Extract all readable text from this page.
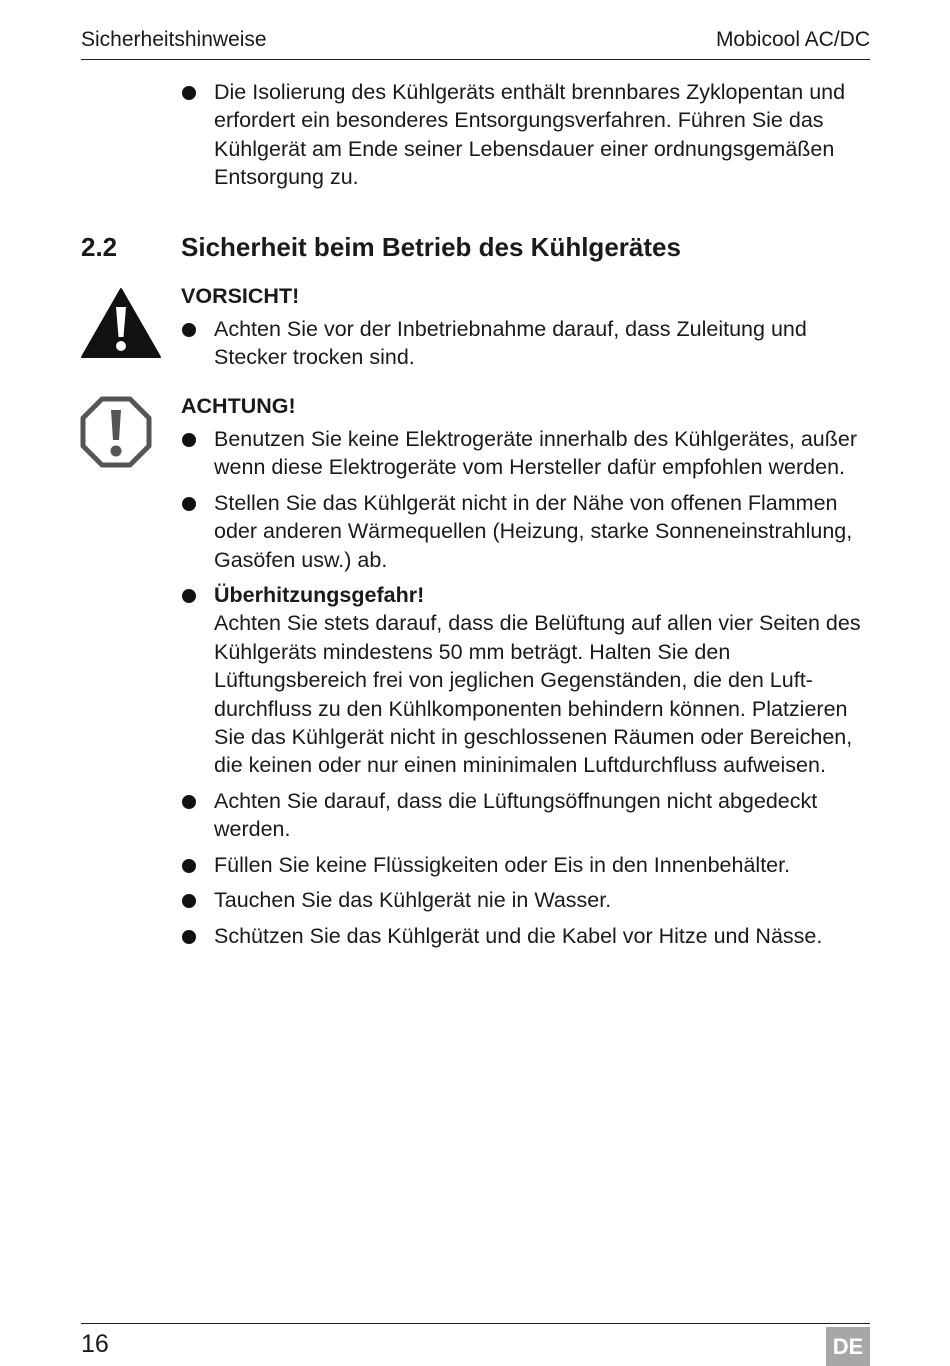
Sicherheitshinweise	Mobicool AC/DC
Die Isolierung des Kühlgeräts enthält brennbares Zyklopentan und erfordert ein besonderes Entsorgungsverfahren. Führen Sie das Kühlgerät am Ende seiner Lebensdauer einer ordnungsgemäßen Entsorgung zu.
2.2 Sicherheit beim Betrieb des Kühlgerätes
VORSICHT!
Achten Sie vor der Inbetriebnahme darauf, dass Zuleitung und Stecker trocken sind.
ACHTUNG!
Benutzen Sie keine Elektrogeräte innerhalb des Kühlgerätes, außer wenn diese Elektrogeräte vom Hersteller dafür empfohlen werden.
Stellen Sie das Kühlgerät nicht in der Nähe von offenen Flammen oder anderen Wärmequellen (Heizung, starke Sonneneinstrahlung, Gasöfen usw.) ab.
Überhitzungsgefahr!
Achten Sie stets darauf, dass die Belüftung auf allen vier Seiten des Kühlgeräts mindestens 50 mm beträgt. Halten Sie den Lüftungsbereich frei von jeglichen Gegenständen, die den Luftdurchfluss zu den Kühlkomponenten behindern können. Platzieren Sie das Kühlgerät nicht in geschlossenen Räumen oder Bereichen, die keinen oder nur einen mininimalen Luftdurchfluss aufweisen.
Achten Sie darauf, dass die Lüftungsöffnungen nicht abgedeckt werden.
Füllen Sie keine Flüssigkeiten oder Eis in den Innenbehälter.
Tauchen Sie das Kühlgerät nie in Wasser.
Schützen Sie das Kühlgerät und die Kabel vor Hitze und Nässe.
16	DE
